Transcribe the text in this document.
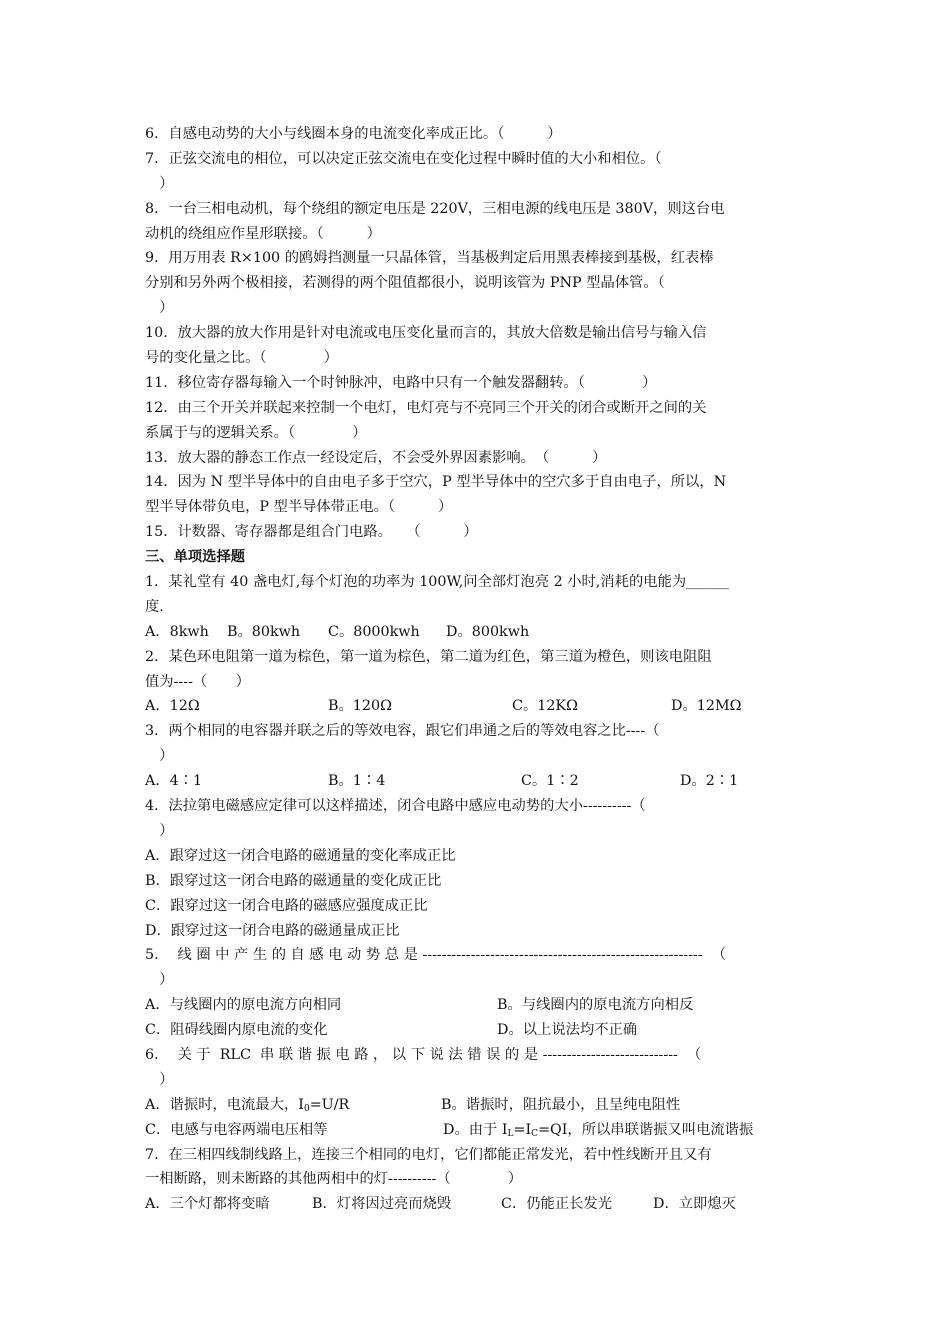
6．自感电动势的大小与线圈本身的电流变化率成正比。（　　　）
7．正弦交流电的相位，可以决定正弦交流电在变化过程中瞬时值的大小和相位。（
　）
8．一台三相电动机，每个绕组的额定电压是 220V，三相电源的线电压是 380V，则这台电
动机的绕组应作星形联接。（　　　）
9．用万用表 R×100 的鸥姆挡测量一只晶体管，当基极判定后用黑表棒接到基极，红表棒
分别和另外两个极相接，若测得的两个阻值都很小，说明该管为 PNP 型晶体管。（
　）
10．放大器的放大作用是针对电流或电压变化量而言的，其放大倍数是输出信号与输入信
号的变化量之比。（　　　　）
11．移位寄存器每输入一个时钟脉冲，电路中只有一个触发器翻转。（　　　　）
12．由三个开关并联起来控制一个电灯，电灯亮与不亮同三个开关的闭合或断开之间的关
系属于与的逻辑关系。（　　　　）
13．放大器的静态工作点一经设定后，不会受外界因素影响。　（　　　）
14．因为 N 型半导体中的自由电子多于空穴，P 型半导体中的空穴多于自由电子，所以，N
型半导体带负电，P 型半导体带正电。（　　　）
15．计数器、寄存器都是组合门电路。　　（　　　）
三、单项选择题
1．某礼堂有 40 盏电灯,每个灯泡的功率为 100W,问全部灯泡亮 2 小时,消耗的电能为______
度.

A．8kwh

B。80kwh

C。8000kwh

D。800kwh

2．某色环电阻第一道为棕色，第一道为棕色，第二道为红色，第三道为橙色，则该电阻阻
值为----（　　）

A．12Ω

	B。120Ω

	C。12KΩ

	D。12MΩ

3．两个相同的电容器并联之后的等效电容，跟它们串通之后的等效电容之比----（
　）

A．4∶1

	B。1∶4

	C。1∶2

	D。2∶1

4．法拉第电磁感应定律可以这样描述，闭合电路中感应电动势的大小----------（
　）
A．跟穿过这一闭合电路的磁通量的变化率成正比
B．跟穿过这一闭合电路的磁通量的变化成正比
C．跟穿过这一闭合电路的磁感应强度成正比
D．跟穿过这一闭合电路的磁通量成正比
5．  线 圈 中 产 生 的 自 感 电 动 势 总 是 ----------------------------------------------------------  （
　）

A．与线圈内的原电流方向相同

	B。与线圈内的原电流方向相反

C．阻碍线圈内原电流的变化

	D。以上说法均不正确

6．  关 于  RLC  串 联 谐 振 电 路 ， 以 下 说 法 错 误 的 是 ----------------------------  （
　）

A．谐振时，电流最大，$I_0=U/R$

	B。谐振时，阻抗最小，且呈纯电阻性

C．电感与电容两端电压相等

	D。由于 $I_L=I_C=QI$，所以串联谐振又叫电流谐振

7．在三相四线制线路上，连接三个相同的电灯，它们都能正常发光，若中性线断开且又有
一相断路，则未断路的其他两相中的灯----------（　　　　）

A．三个灯都将变暗

	B．灯将因过亮而烧毁

	C．仍能正长发光

	D．立即熄灭
